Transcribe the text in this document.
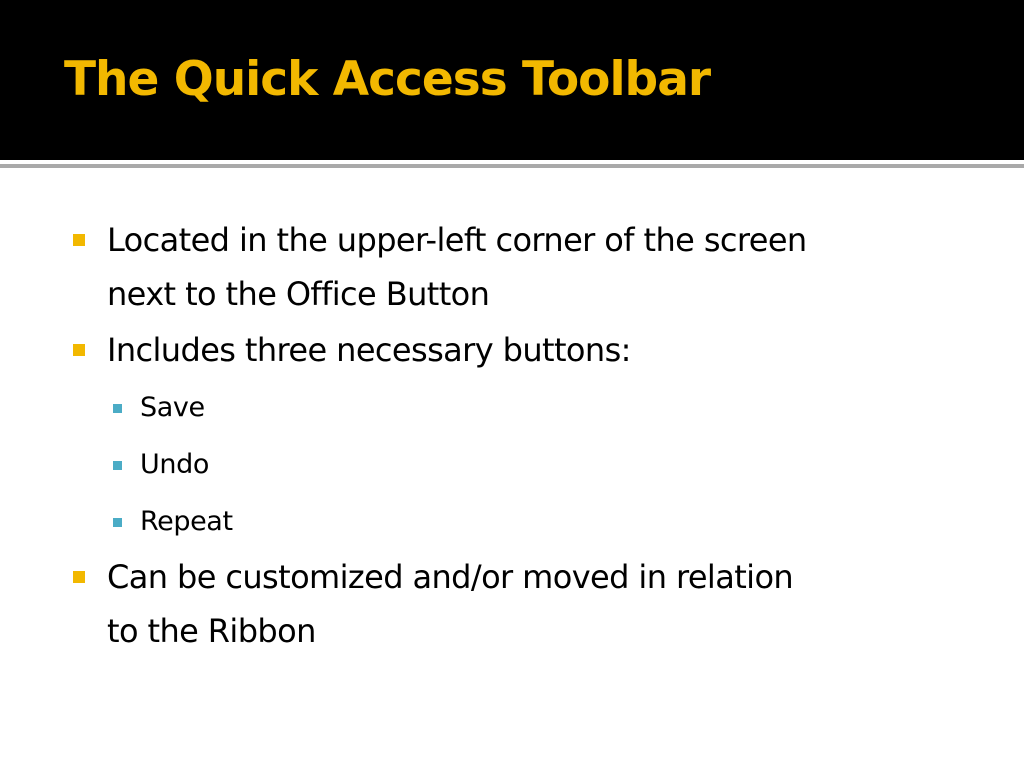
The Quick Access Toolbar
Located in the upper-left corner of the screen
next to the Office Button
Includes three necessary buttons:
Save
Undo
Repeat
Can be customized and/or moved in relation
to the Ribbon
